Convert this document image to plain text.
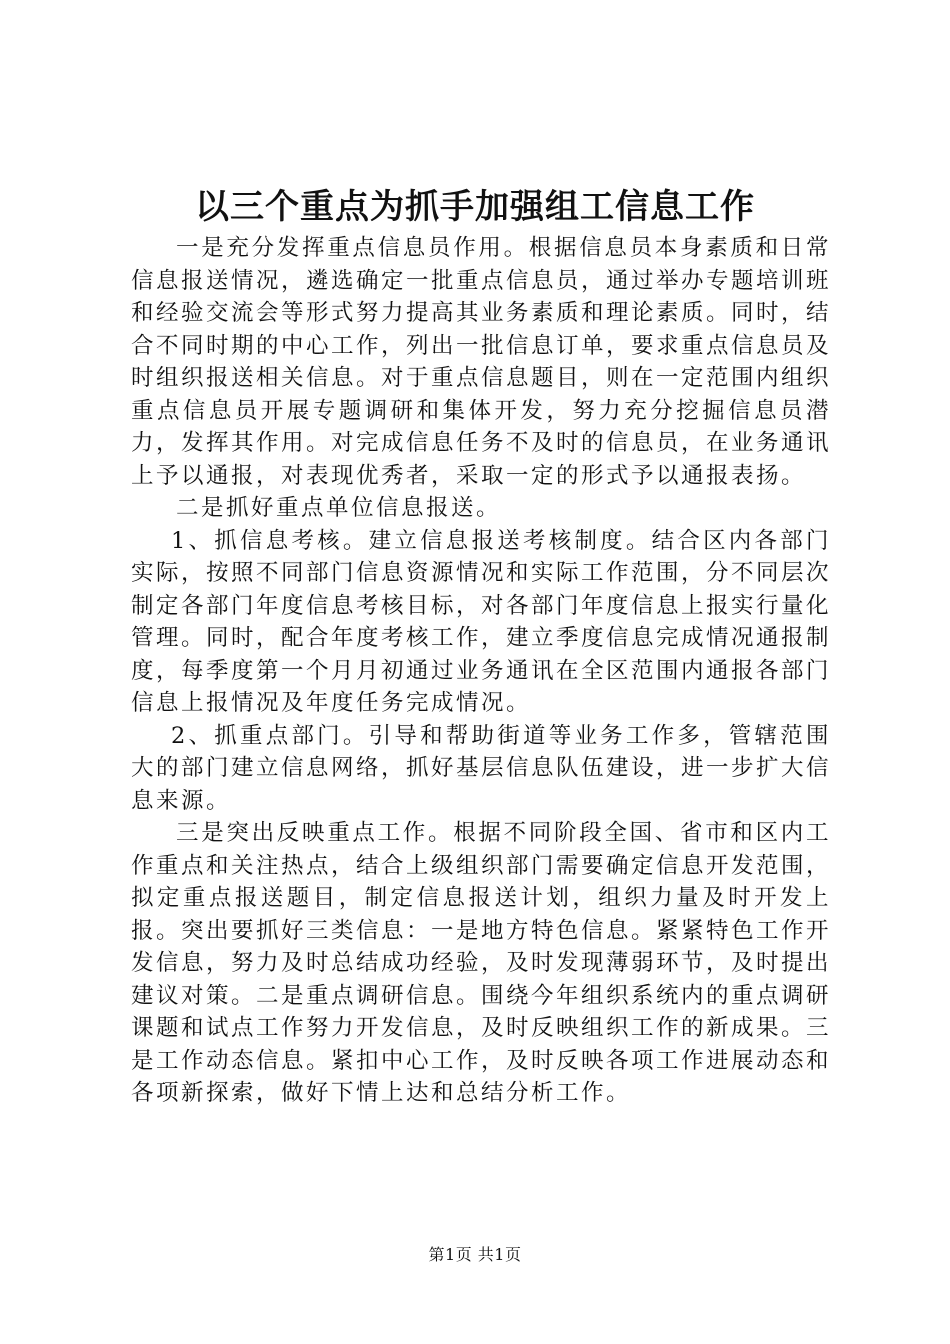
以三个重点为抓手加强组工信息工作

一是充分发挥重点信息员作用。根据信息员本身素质和日常信息报送情况，遴选确定一批重点信息员，通过举办专题培训班和经验交流会等形式努力提高其业务素质和理论素质。同时，结合不同时期的中心工作，列出一批信息订单，要求重点信息员及时组织报送相关信息。对于重点信息题目，则在一定范围内组织重点信息员开展专题调研和集体开发，努力充分挖掘信息员潜力，发挥其作用。对完成信息任务不及时的信息员，在业务通讯上予以通报，对表现优秀者，采取一定的形式予以通报表扬。

二是抓好重点单位信息报送。

1、抓信息考核。建立信息报送考核制度。结合区内各部门实际，按照不同部门信息资源情况和实际工作范围，分不同层次制定各部门年度信息考核目标，对各部门年度信息上报实行量化管理。同时，配合年度考核工作，建立季度信息完成情况通报制度，每季度第一个月月初通过业务通讯在全区范围内通报各部门信息上报情况及年度任务完成情况。

2、抓重点部门。引导和帮助街道等业务工作多，管辖范围大的部门建立信息网络，抓好基层信息队伍建设，进一步扩大信息来源。

三是突出反映重点工作。根据不同阶段全国、省市和区内工作重点和关注热点，结合上级组织部门需要确定信息开发范围，拟定重点报送题目，制定信息报送计划，组织力量及时开发上报。突出要抓好三类信息：一是地方特色信息。紧紧特色工作开发信息，努力及时总结成功经验，及时发现薄弱环节，及时提出建议对策。二是重点调研信息。围绕今年组织系统内的重点调研课题和试点工作努力开发信息，及时反映组织工作的新成果。三是工作动态信息。紧扣中心工作，及时反映各项工作进展动态和各项新探索，做好下情上达和总结分析工作。

第1页 共1页
